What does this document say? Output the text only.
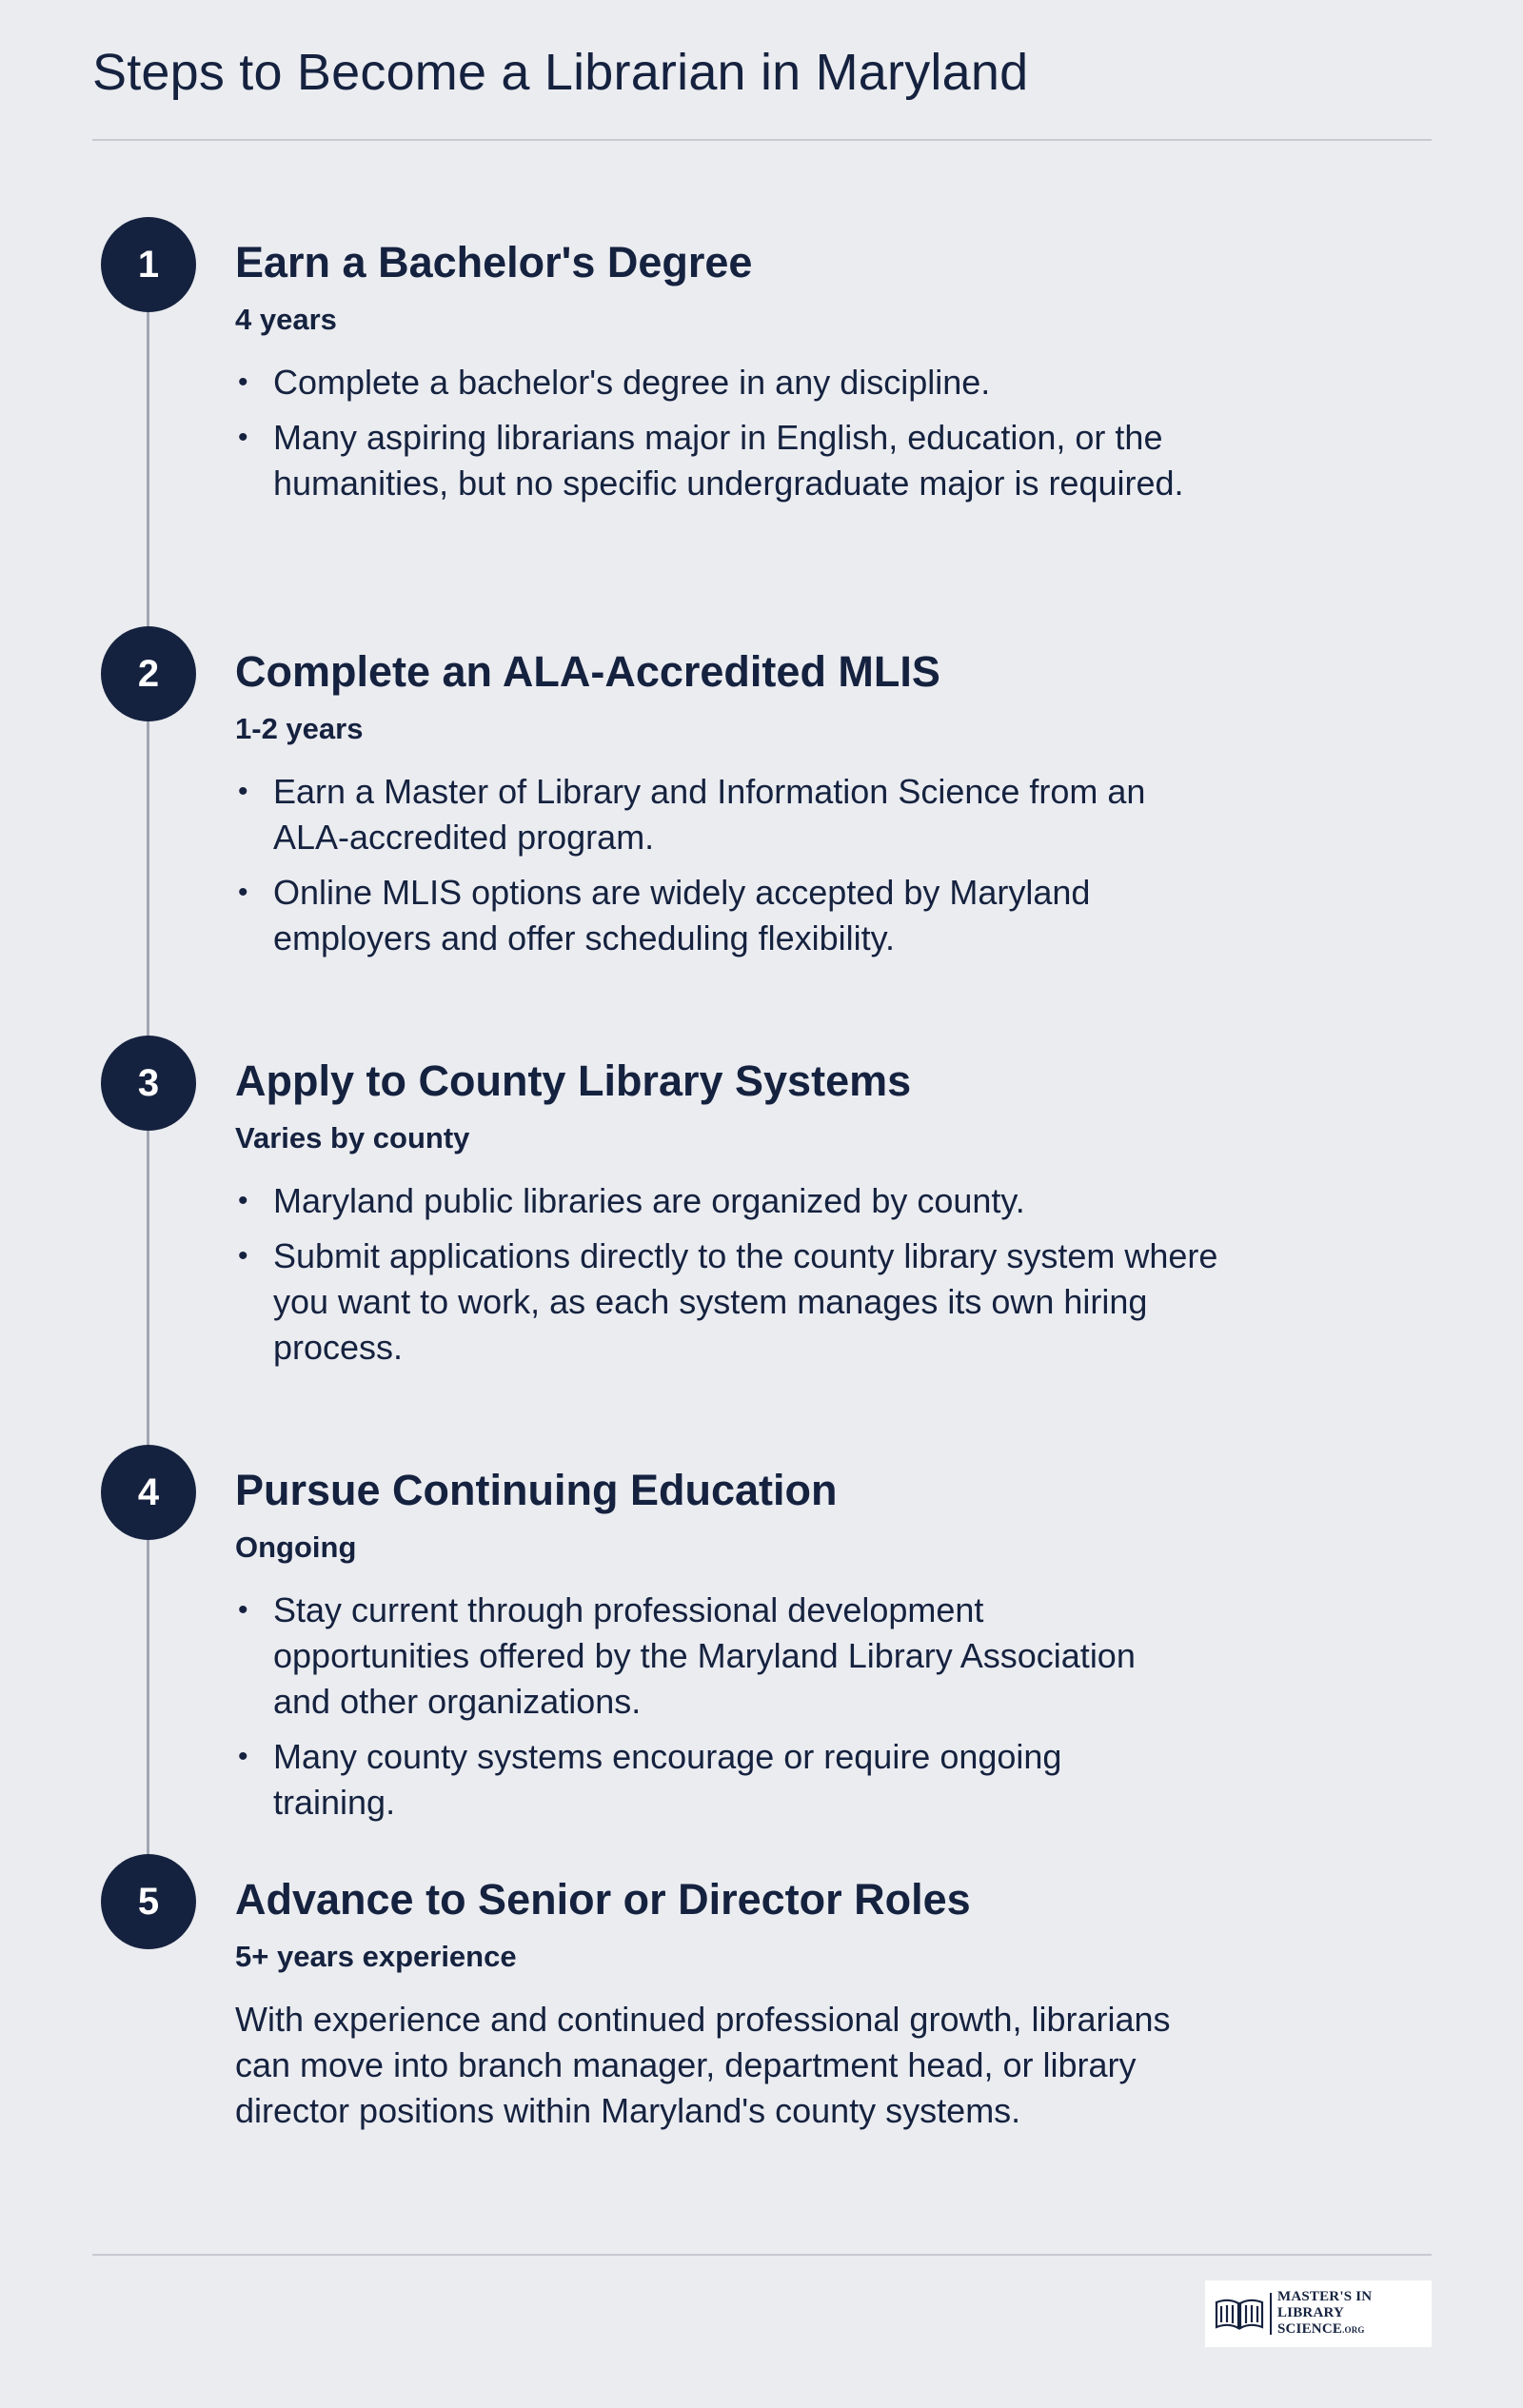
Steps to Become a Librarian in Maryland
1	Earn a Bachelor's Degree
4 years
• Complete a bachelor's degree in any discipline.
• Many aspiring librarians major in English, education, or the humanities, but no specific undergraduate major is required.
2	Complete an ALA-Accredited MLIS
1-2 years
• Earn a Master of Library and Information Science from an ALA-accredited program.
• Online MLIS options are widely accepted by Maryland employers and offer scheduling flexibility.
3	Apply to County Library Systems
Varies by county
• Maryland public libraries are organized by county.
• Submit applications directly to the county library system where you want to work, as each system manages its own hiring process.
4	Pursue Continuing Education
Ongoing
• Stay current through professional development opportunities offered by the Maryland Library Association and other organizations.
• Many county systems encourage or require ongoing training.
5	Advance to Senior or Director Roles
5+ years experience

With experience and continued professional growth, librarians can move into branch manager, department head, or library director positions within Maryland's county systems.

MASTER'S IN
LIBRARY SCIENCE.ORG
